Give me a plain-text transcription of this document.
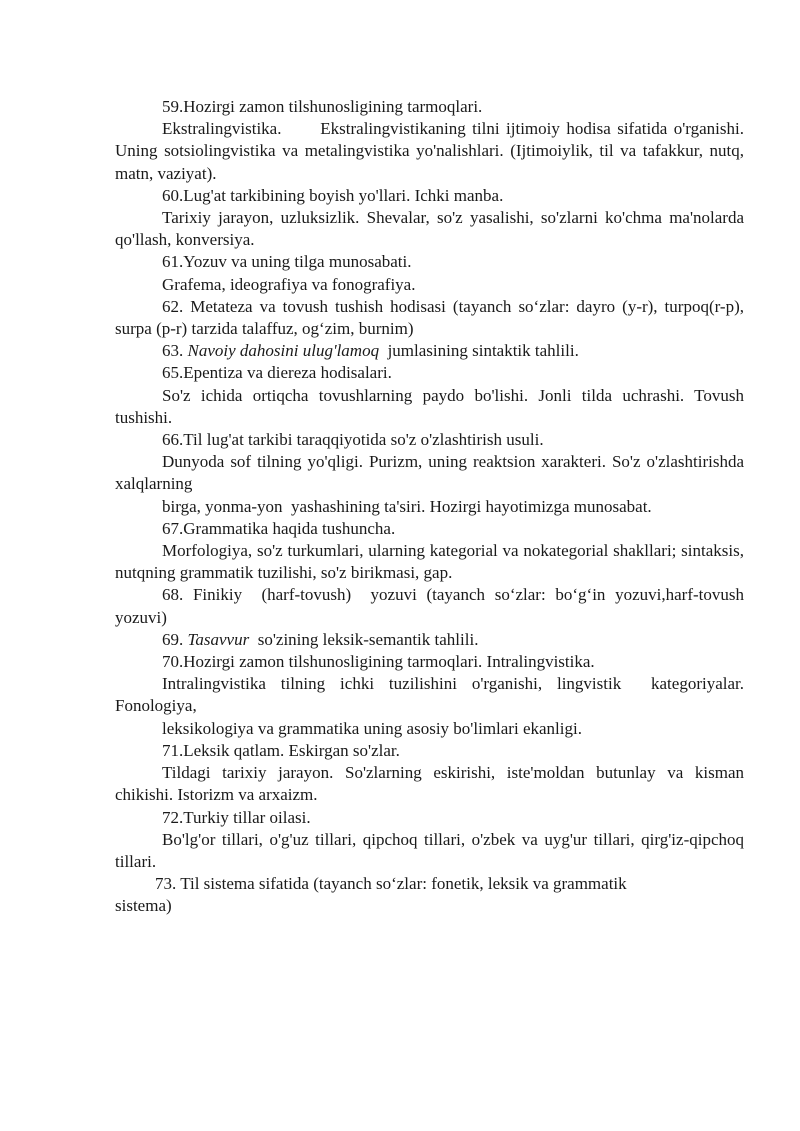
59.Hozirgi zamon tilshunosligining tarmoqlari.

Ekstralingvistika.      Ekstralingvistikaning tilni ijtimoiy hodisa sifatida o'rganishi. Uning sotsiolingvistika va metalingvistika yo'nalishlari. (Ijtimoiylik, til va tafakkur, nutq, matn, vaziyat).

60.Lug'at tarkibining boyish yo'llari. Ichki manba.

Tarixiy jarayon, uzluksizlik. Shevalar, so'z yasalishi, so'zlarni ko'chma ma'nolarda qo'llash, konversiya.

61.Yozuv va uning tilga munosabati.

Grafema, ideografiya va fonografiya.

62. Metateza va tovush tushish hodisasi (tayanch so‘zlar: dayro (y-r), turpoq(r-p), surpa (p-r) tarzida talaffuz, og‘zim, burnim)

63. Navoiy dahosini ulug'lamoq  jumlasining sintaktik tahlili.

65.Epentiza va diereza hodisalari.

So'z ichida ortiqcha tovushlarning paydo bo'lishi. Jonli tilda uchrashi. Tovush tushishi.

66.Til lug'at tarkibi taraqqiyotida so'z o'zlashtirish usuli.

Dunyoda sof tilning yo'qligi. Purizm, uning reaktsion xarakteri. So'z o'zlashtirishda xalqlarning

birga, yonma-yon  yashashining ta'siri. Hozirgi hayotimizga munosabat.

67.Grammatika haqida tushuncha.

Morfologiya, so'z turkumlari, ularning kategorial va nokategorial shakllari; sintaksis, nutqning grammatik tuzilishi, so'z birikmasi, gap.

68. Finikiy  (harf-tovush)  yozuvi (tayanch so‘zlar: bo‘g‘in yozuvi,harf-tovush yozuvi)

69. Tasavvur  so'zining leksik-semantik tahlili.

70.Hozirgi zamon tilshunosligining tarmoqlari. Intralingvistika.

Intralingvistika tilning ichki tuzilishini o'rganishi, lingvistik  kategoriyalar. Fonologiya,

leksikologiya va grammatika uning asosiy bo'limlari ekanligi.

71.Leksik qatlam. Eskirgan so'zlar.

Tildagi tarixiy jarayon. So'zlarning eskirishi, iste'moldan butunlay va kisman chikishi. Istorizm va arxaizm.

72.Turkiy tillar oilasi.

Bo'lg'or tillari, o'g'uz tillari, qipchoq tillari, o'zbek va uyg'ur tillari, qirg'iz-qipchoq tillari.

73. Til sistema sifatida (tayanch so‘zlar: fonetik, leksik va grammatik sistema)
